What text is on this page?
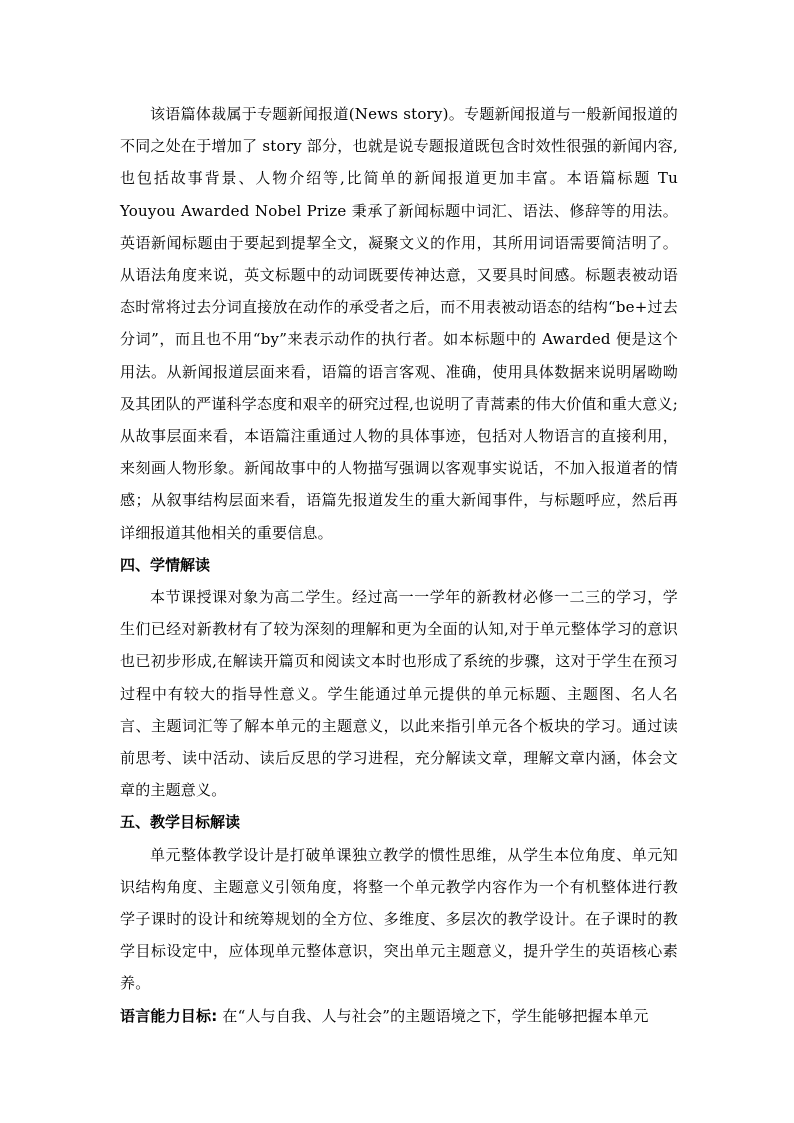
该语篇体裁属于专题新闻报道(News story)。专题新闻报道与一般新闻报道的不同之处在于增加了 story 部分，也就是说专题报道既包含时效性很强的新闻内容,也包括故事背景、人物介绍等,比简单的新闻报道更加丰富。本语篇标题 Tu Youyou Awarded Nobel Prize 秉承了新闻标题中词汇、语法、修辞等的用法。英语新闻标题由于要起到提挈全文，凝聚文义的作用，其所用词语需要简洁明了。从语法角度来说，英文标题中的动词既要传神达意，又要具时间感。标题表被动语态时常将过去分词直接放在动作的承受者之后，而不用表被动语态的结构“be+过去分词”，而且也不用“by”来表示动作的执行者。如本标题中的 Awarded 便是这个用法。从新闻报道层面来看，语篇的语言客观、准确，使用具体数据来说明屠呦呦及其团队的严谨科学态度和艰辛的研究过程,也说明了青蒿素的伟大价值和重大意义;从故事层面来看，本语篇注重通过人物的具体事迹，包括对人物语言的直接利用，来刻画人物形象。新闻故事中的人物描写强调以客观事实说话，不加入报道者的情感；从叙事结构层面来看，语篇先报道发生的重大新闻事件，与标题呼应，然后再详细报道其他相关的重要信息。

四、学情解读

本节课授课对象为高二学生。经过高一一学年的新教材必修一二三的学习，学生们已经对新教材有了较为深刻的理解和更为全面的认知,对于单元整体学习的意识也已初步形成,在解读开篇页和阅读文本时也形成了系统的步骤，这对于学生在预习过程中有较大的指导性意义。学生能通过单元提供的单元标题、主题图、名人名言、主题词汇等了解本单元的主题意义，以此来指引单元各个板块的学习。通过读前思考、读中活动、读后反思的学习进程，充分解读文章，理解文章内涵，体会文章的主题意义。

五、教学目标解读

单元整体教学设计是打破单课独立教学的惯性思维，从学生本位角度、单元知识结构角度、主题意义引领角度，将整一个单元教学内容作为一个有机整体进行教学子课时的设计和统筹规划的全方位、多维度、多层次的教学设计。在子课时的教学目标设定中，应体现单元整体意识，突出单元主题意义，提升学生的英语核心素养。

语言能力目标: 在“人与自我、人与社会”的主题语境之下，学生能够把握本单元
